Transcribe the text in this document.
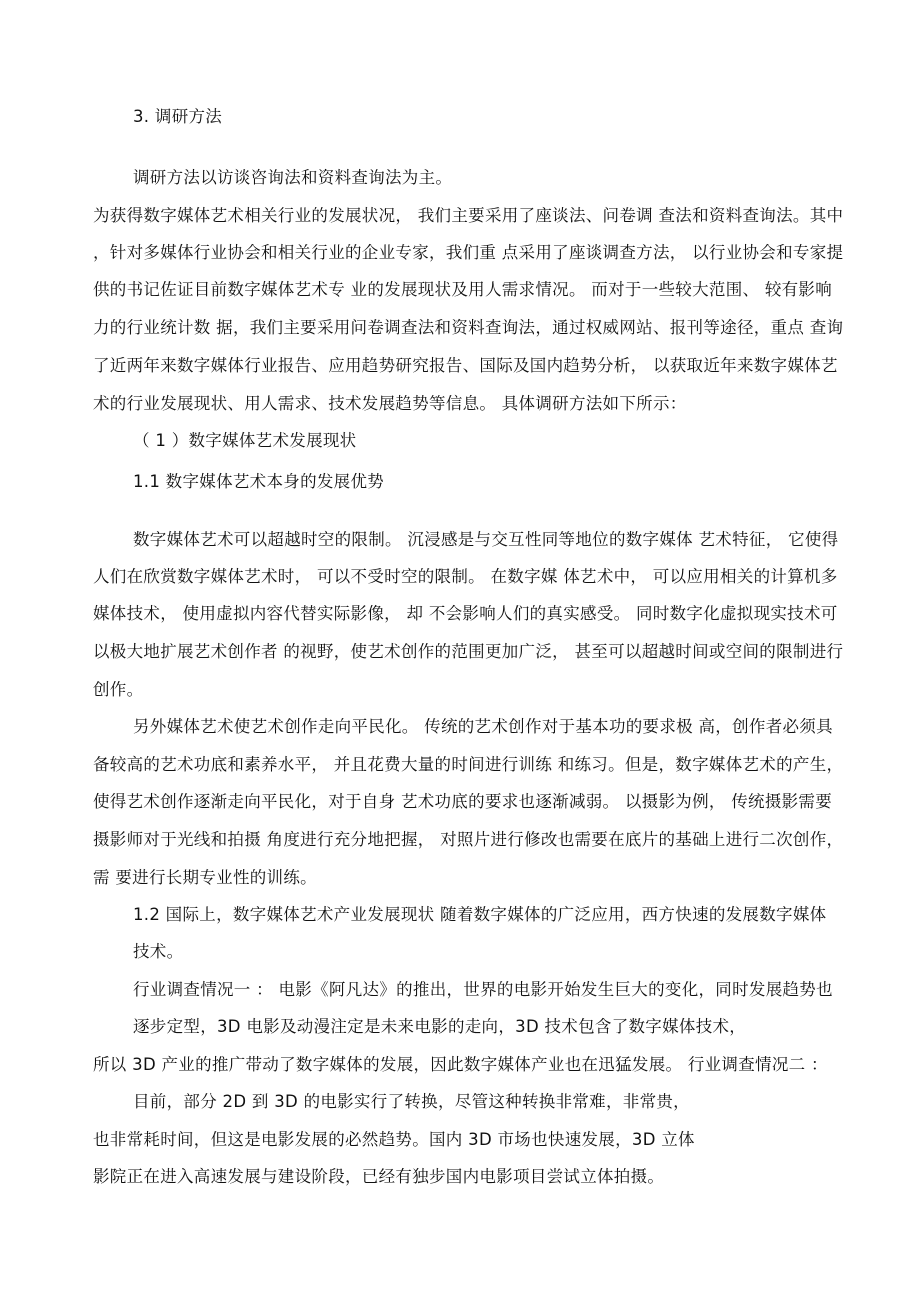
3. 调研方法
调研方法以访谈咨询法和资料查询法为主。
为获得数字媒体艺术相关行业的发展状况， 我们主要采用了座谈法、问卷调 查法和资料查询法。其中
，针对多媒体行业协会和相关行业的企业专家，我们重 点采用了座谈调查方法， 以行业协会和专家提
供的书记佐证目前数字媒体艺术专 业的发展现状及用人需求情况。 而对于一些较大范围、 较有影响
力的行业统计数 据，我们主要采用问卷调查法和资料查询法，通过权威网站、报刊等途径，重点 查询
了近两年来数字媒体行业报告、应用趋势研究报告、国际及国内趋势分析， 以获取近年来数字媒体艺
术的行业发展现状、用人需求、技术发展趋势等信息。 具体调研方法如下所示：
（ 1 ）数字媒体艺术发展现状
1.1 数字媒体艺术本身的发展优势
数字媒体艺术可以超越时空的限制。 沉浸感是与交互性同等地位的数字媒体 艺术特征， 它使得
人们在欣赏数字媒体艺术时， 可以不受时空的限制。 在数字媒 体艺术中， 可以应用相关的计算机多
媒体技术， 使用虚拟内容代替实际影像， 却 不会影响人们的真实感受。 同时数字化虚拟现实技术可
以极大地扩展艺术创作者 的视野，使艺术创作的范围更加广泛， 甚至可以超越时间或空间的限制进行
创作。
另外媒体艺术使艺术创作走向平民化。 传统的艺术创作对于基本功的要求极 高，创作者必须具
备较高的艺术功底和素养水平， 并且花费大量的时间进行训练 和练习。但是，数字媒体艺术的产生，
使得艺术创作逐渐走向平民化，对于自身 艺术功底的要求也逐渐减弱。 以摄影为例， 传统摄影需要
摄影师对于光线和拍摄 角度进行充分地把握， 对照片进行修改也需要在底片的基础上进行二次创作，
需 要进行长期专业性的训练。
1.2 国际上，数字媒体艺术产业发展现状 随着数字媒体的广泛应用，西方快速的发展数字媒体
技术。
行业调查情况一 ： 电影《阿凡达》的推出，世界的电影开始发生巨大的变化，同时发展趋势也
逐步定型，3D 电影及动漫注定是未来电影的走向，3D 技术包含了数字媒体技术，
所以 3D 产业的推广带动了数字媒体的发展，因此数字媒体产业也在迅猛发展。 行业调查情况二 ：
目前，部分 2D 到 3D 的电影实行了转换，尽管这种转换非常难，非常贵，
也非常耗时间，但这是电影发展的必然趋势。国内 3D 市场也快速发展，3D 立体
影院正在进入高速发展与建设阶段，已经有独步国内电影项目尝试立体拍摄。
